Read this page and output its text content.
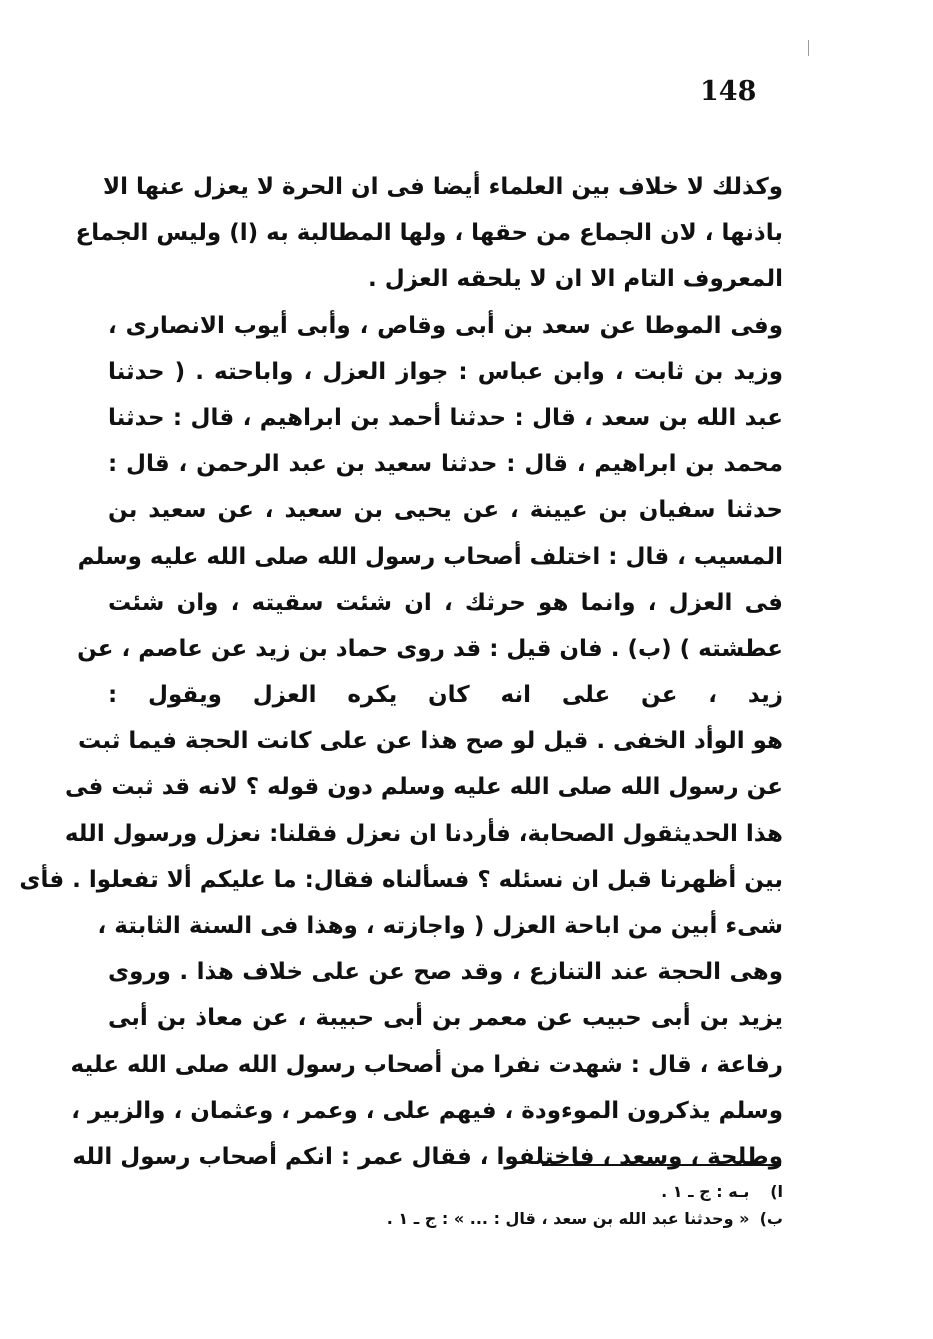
148
وكذلك لا خلاف بين العلماء أيضا فى ان الحرة لا يعزل عنها الا
باذنها ، لان الجماع من حقها ، ولها المطالبة به (ا) وليس الجماع
المعروف التام الا ان لا يلحقه العزل .
وفى الموطا عن سعد بن أبى وقاص ، وأبى أيوب الانصارى ،
وزيد بن ثابت ، وابن عباس : جواز العزل ، واباحته . ( حدثنا
عبد الله بن سعد ، قال : حدثنا أحمد بن ابراهيم ، قال : حدثنا
محمد بن ابراهيم ، قال : حدثنا سعيد بن عبد الرحمن ، قال :
حدثنا سفيان بن عيينة ، عن يحيى بن سعيد ، عن سعيد بن
المسيب ، قال : اختلف أصحاب رسول الله صلى الله عليه وسلم
فى العزل ، وانما هو حرثك ، ان شئت سقيته ، وان شئت
عطشته ) (ب) . فان قيل : قد روى حماد بن زيد عن عاصم ، عن
زيد ، عن على انه كان يكره العزل ويقول :
هو الوأد الخفى . قيل لو صح هذا عن على كانت الحجة فيما ثبت
عن رسول الله صلى الله عليه وسلم دون قوله ؟ لانه قد ثبت فى
هذا الحديثقول الصحابة، فأردنا ان نعزل فقلنا: نعزل ورسول الله
بين أظهرنا قبل ان نسئله ؟ فسألناه فقال: ما عليكم ألا تفعلوا . فأى
شىء أبين من اباحة العزل ( واجازته ، وهذا فى السنة الثابتة ،
وهى الحجة عند التنازع ، وقد صح عن على خلاف هذا . وروى
يزيد بن أبى حبيب عن معمر بن أبى حبيبة ، عن معاذ بن أبى
رفاعة ، قال : شهدت نفرا من أصحاب رسول الله صلى الله عليه
وسلم يذكرون الموءودة ، فيهم على ، وعمر ، وعثمان ، والزبير ،
وطلحة ، وسعد ، فاختلفوا ، فقال عمر : انكم أصحاب رسول الله
ا) بـه : ج ـ ١ .
ب) « وحدثنا عبد الله بن سعد ، قال : ... » : ج ـ ١ .
